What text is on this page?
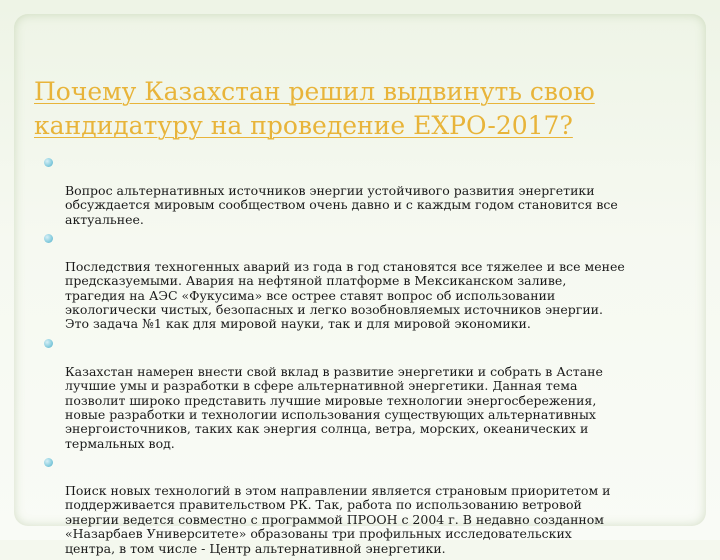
Почему Казахстан решил выдвинуть свою кандидатуру на проведение EXPO-2017?

Вопрос альтернативных источников энергии устойчивого развития энергетики
обсуждается мировым сообществом очень давно и с каждым годом становится все
актуальнее.

Последствия техногенных аварий из года в год становятся все тяжелее и все менее
предсказуемыми. Авария на нефтяной платформе в Мексиканском заливе,
трагедия на АЭС «Фукусима» все острее ставят вопрос об использовании
экологически чистых, безопасных и легко возобновляемых источников энергии.
Это задача №1 как для мировой науки, так и для мировой экономики.

Казахстан намерен внести свой вклад в развитие энергетики и собрать в Астане
лучшие умы и разработки в сфере альтернативной энергетики. Данная тема
позволит широко представить лучшие мировые технологии энергосбережения,
новые разработки и технологии использования существующих альтернативных
энергоисточников, таких как энергия солнца, ветра, морских, океанических и
термальных вод.

Поиск новых технологий в этом направлении является страновым приоритетом и
поддерживается правительством РК. Так, работа по использованию ветровой
энергии ведется совместно с программой ПРООН с 2004 г. В недавно созданном
«Назарбаев Университете» образованы три профильных исследовательских
центра, в том числе - Центр альтернативной энергетики.
